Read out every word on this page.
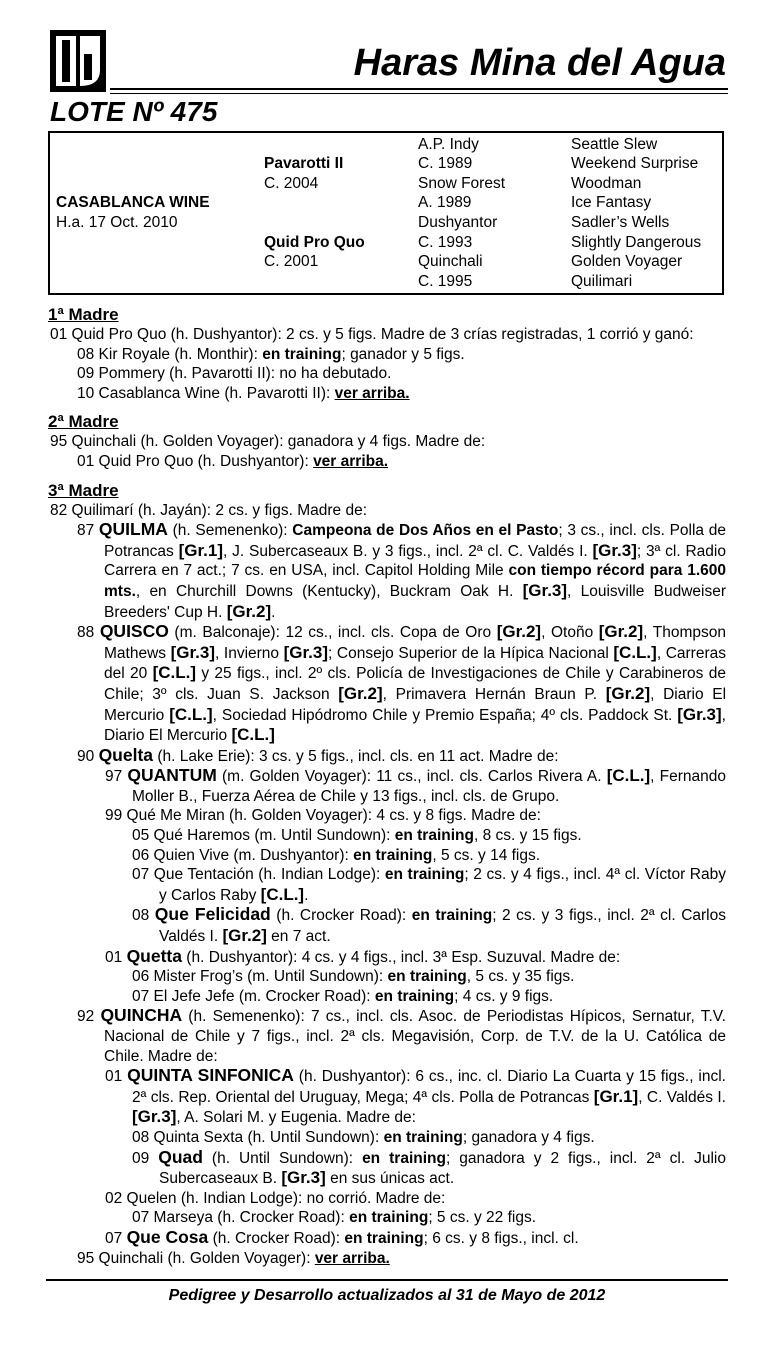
Haras Mina del Agua
LOTE Nº 475
CASABLANCA WINE
H.a. 17 Oct. 2010
Pavarotti II
C. 2004
Quid Pro Quo
C. 2001
A.P. Indy
C. 1989
Snow Forest
A. 1989
Dushyantor
C. 1993
Quinchali
C. 1995
Seattle Slew
Weekend Surprise
Woodman
Ice Fantasy
Sadler’s Wells
Slightly Dangerous
Golden Voyager
Quilimari
1ª Madre
01 Quid Pro Quo (h. Dushyantor): 2 cs. y 5 figs. Madre de 3 crías registradas, 1 corrió y ganó:
08 Kir Royale (h. Monthir): en training; ganador y 5 figs.
09 Pommery (h. Pavarotti II): no ha debutado.
10 Casablanca Wine (h. Pavarotti II): ver arriba.
2ª Madre
95 Quinchali (h. Golden Voyager): ganadora y 4 figs. Madre de:
01 Quid Pro Quo (h. Dushyantor): ver arriba.
3ª Madre
82 Quilimarí (h. Jayán): 2 cs. y figs. Madre de:
87 QUILMA (h. Semenenko): Campeona de Dos Años en el Pasto; 3 cs., incl. cls. Polla de Potrancas [Gr.1], J. Subercaseaux B. y 3 figs., incl. 2ª cl. C. Valdés I. [Gr.3]; 3ª cl. Radio Carrera en 7 act.; 7 cs. en USA, incl. Capitol Holding Mile con tiempo récord para 1.600 mts., en Churchill Downs (Kentucky), Buckram Oak H. [Gr.3], Louisville Budweiser Breeders' Cup H. [Gr.2].
88 QUISCO (m. Balconaje): 12 cs., incl. cls. Copa de Oro [Gr.2], Otoño [Gr.2], Thompson Mathews [Gr.3], Invierno [Gr.3]; Consejo Superior de la Hípica Nacional [C.L.], Carreras del 20 [C.L.] y 25 figs., incl. 2º cls. Policía de Investigaciones de Chile y Carabineros de Chile; 3º cls. Juan S. Jackson [Gr.2], Primavera Hernán Braun P. [Gr.2], Diario El Mercurio [C.L.], Sociedad Hipódromo Chile y Premio España; 4º cls. Paddock St. [Gr.3], Diario El Mercurio [C.L.]
90 Quelta (h. Lake Erie): 3 cs. y 5 figs., incl. cls. en 11 act. Madre de:
97 QUANTUM (m. Golden Voyager): 11 cs., incl. cls. Carlos Rivera A. [C.L.], Fernando Moller B., Fuerza Aérea de Chile y 13 figs., incl. cls. de Grupo.
99 Qué Me Miran (h. Golden Voyager): 4 cs. y 8 figs. Madre de:
05 Qué Haremos (m. Until Sundown): en training, 8 cs. y 15 figs.
06 Quien Vive (m. Dushyantor): en training, 5 cs. y 14 figs.
07 Que Tentación (h. Indian Lodge): en training; 2 cs. y 4 figs., incl. 4ª cl. Víctor Raby y Carlos Raby [C.L.].
08 Que Felicidad (h. Crocker Road): en training; 2 cs. y 3 figs., incl. 2ª cl. Carlos Valdés I. [Gr.2] en 7 act.
01 Quetta (h. Dushyantor): 4 cs. y 4 figs., incl. 3ª Esp. Suzuval. Madre de:
06 Mister Frog’s (m. Until Sundown): en training, 5 cs. y 35 figs.
07 El Jefe Jefe (m. Crocker Road): en training; 4 cs. y 9 figs.
92 QUINCHA (h. Semenenko): 7 cs., incl. cls. Asoc. de Periodistas Hípicos, Sernatur, T.V. Nacional de Chile y 7 figs., incl. 2ª cls. Megavisión, Corp. de T.V. de la U. Católica de Chile. Madre de:
01 QUINTA SINFONICA (h. Dushyantor): 6 cs., inc. cl. Diario La Cuarta y 15 figs., incl. 2ª cls. Rep. Oriental del Uruguay, Mega; 4ª cls. Polla de Potrancas [Gr.1], C. Valdés I. [Gr.3], A. Solari M. y Eugenia. Madre de:
08 Quinta Sexta (h. Until Sundown): en training; ganadora y 4 figs.
09 Quad (h. Until Sundown): en training; ganadora y 2 figs., incl. 2ª cl. Julio Subercaseaux B. [Gr.3] en sus únicas act.
02 Quelen (h. Indian Lodge): no corrió. Madre de:
07 Marseya (h. Crocker Road): en training; 5 cs. y 22 figs.
07 Que Cosa (h. Crocker Road): en training; 6 cs. y 8 figs., incl. cl.
95 Quinchali (h. Golden Voyager): ver arriba.
Pedigree y Desarrollo actualizados al 31 de Mayo de 2012
